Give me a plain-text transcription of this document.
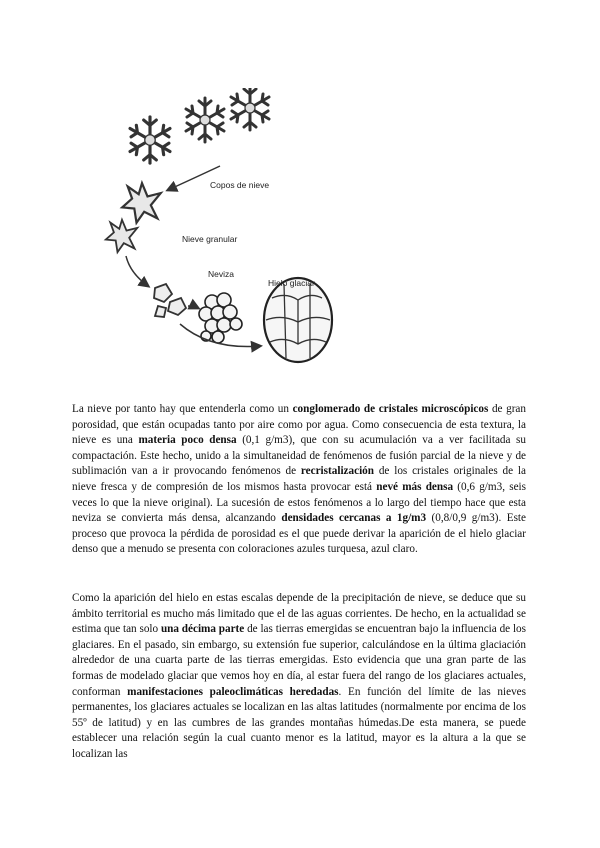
Copos de nieve
Nieve granular
Neviza
Hielo glaciar

La nieve por tanto hay que entenderla como un conglomerado de cristales microscópicos de gran porosidad, que están ocupadas tanto por aire como por agua. Como consecuencia de esta textura, la nieve es una materia poco densa (0,1 g/m3), que con su acumulación va a ver facilitada su compactación. Este hecho, unido a la simultaneidad de fenómenos de fusión parcial de la nieve y de sublimación van a ir provocando fenómenos de recristalización de los cristales originales de la nieve fresca y de compresión de los mismos hasta provocar está nevé más densa (0,6 g/m3, seis veces lo que la nieve original). La sucesión de estos fenómenos a lo largo del tiempo hace que esta neviza se convierta más densa, alcanzando densidades cercanas a 1g/m3 (0,8/0,9 g/m3). Este proceso que provoca la pérdida de porosidad es el que puede derivar la aparición de el hielo glaciar denso que a menudo se presenta con coloraciones azules turquesa, azul claro.

Como la aparición del hielo en estas escalas depende de la precipitación de nieve, se deduce que su ámbito territorial es mucho más limitado que el de las aguas corrientes. De hecho, en la actualidad se estima que tan solo una décima parte de las tierras emergidas se encuentran bajo la influencia de los glaciares. En el pasado, sin embargo, su extensión fue superior, calculándose en la última glaciación alrededor de una cuarta parte de las tierras emergidas. Esto evidencia que una gran parte de las formas de modelado glaciar que vemos hoy en día, al estar fuera del rango de los glaciares actuales, conforman manifestaciones paleoclimáticas heredadas. En función del límite de las nieves permanentes, los glaciares actuales se localizan en las altas latitudes (normalmente por encima de los 55º de latitud) y en las cumbres de las grandes montañas húmedas.De esta manera, se puede establecer una relación según la cual cuanto menor es la latitud, mayor es la altura a la que se localizan las
